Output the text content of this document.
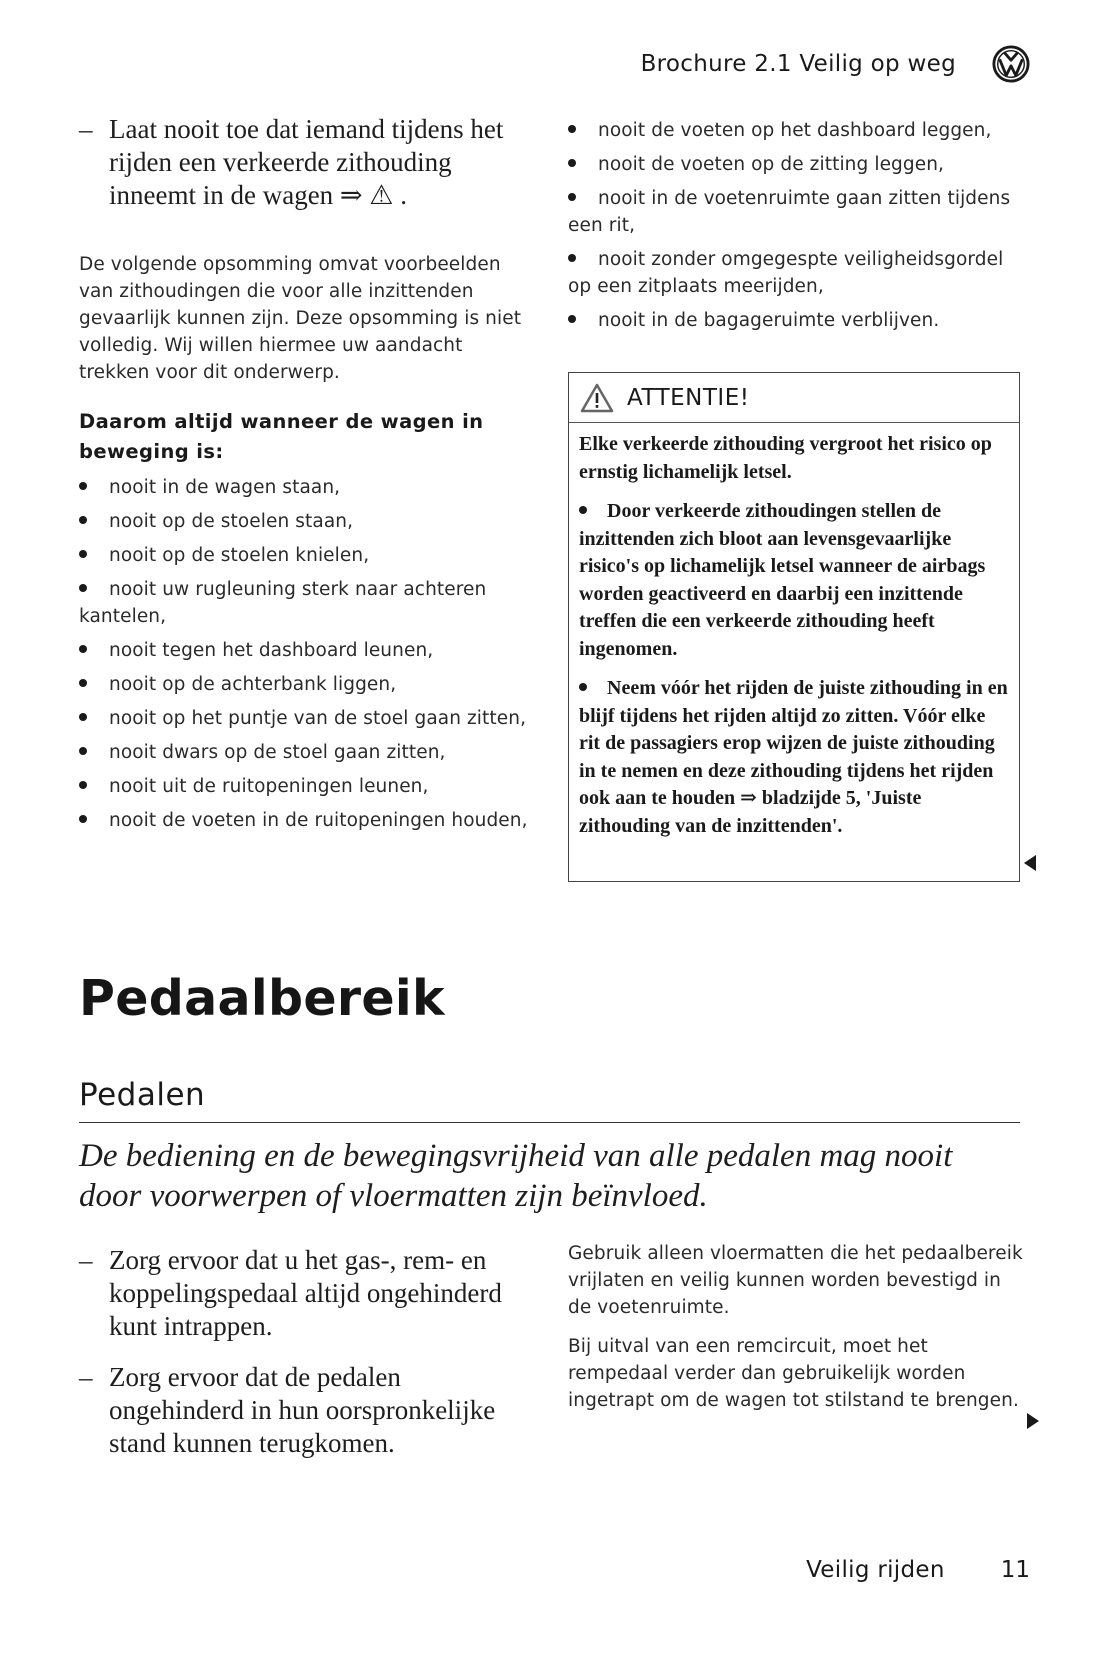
Brochure 2.1 Veilig op weg
– Laat nooit toe dat iemand tijdens het rijden een verkeerde zithouding inneemt in de wagen ⇒ ⚠ .
De volgende opsomming omvat voorbeelden van zithoudingen die voor alle inzittenden gevaarlijk kunnen zijn. Deze opsomming is niet volledig. Wij willen hiermee uw aandacht trekken voor dit onderwerp.
Daarom altijd wanneer de wagen in beweging is:
nooit in de wagen staan,
nooit op de stoelen staan,
nooit op de stoelen knielen,
nooit uw rugleuning sterk naar achteren kantelen,
nooit tegen het dashboard leunen,
nooit op de achterbank liggen,
nooit op het puntje van de stoel gaan zitten,
nooit dwars op de stoel gaan zitten,
nooit uit de ruitopeningen leunen,
nooit de voeten in de ruitopeningen houden,
nooit de voeten op het dashboard leggen,
nooit de voeten op de zitting leggen,
nooit in de voetenruimte gaan zitten tijdens een rit,
nooit zonder omgegespte veiligheidsgordel op een zitplaats meerijden,
nooit in de bagageruimte verblijven.
ATTENTIE!

Elke verkeerde zithouding vergroot het risico op ernstig lichamelijk letsel.

Door verkeerde zithoudingen stellen de inzittenden zich bloot aan levensgevaarlijke risico's op lichamelijk letsel wanneer de airbags worden geactiveerd en daarbij een inzittende treffen die een verkeerde zithouding heeft ingenomen.

Neem vóór het rijden de juiste zithouding in en blijf tijdens het rijden altijd zo zitten. Vóór elke rit de passagiers erop wijzen de juiste zithouding in te nemen en deze zithouding tijdens het rijden ook aan te houden ⇒ bladzijde 5, 'Juiste zithouding van de inzittenden'.

Pedaalbereik
Pedalen
De bediening en de bewegingsvrijheid van alle pedalen mag nooit door voorwerpen of vloermatten zijn beïnvloed.
– Zorg ervoor dat u het gas-, rem- en koppelingspedaal altijd ongehinderd kunt intrappen.
– Zorg ervoor dat de pedalen ongehinderd in hun oorspronkelijke stand kunnen terugkomen.

Gebruik alleen vloermatten die het pedaalbereik vrijlaten en veilig kunnen worden bevestigd in de voetenruimte.

Bij uitval van een remcircuit, moet het rempedaal verder dan gebruikelijk worden ingetrapt om de wagen tot stilstand te brengen.

Veilig rijden 11
